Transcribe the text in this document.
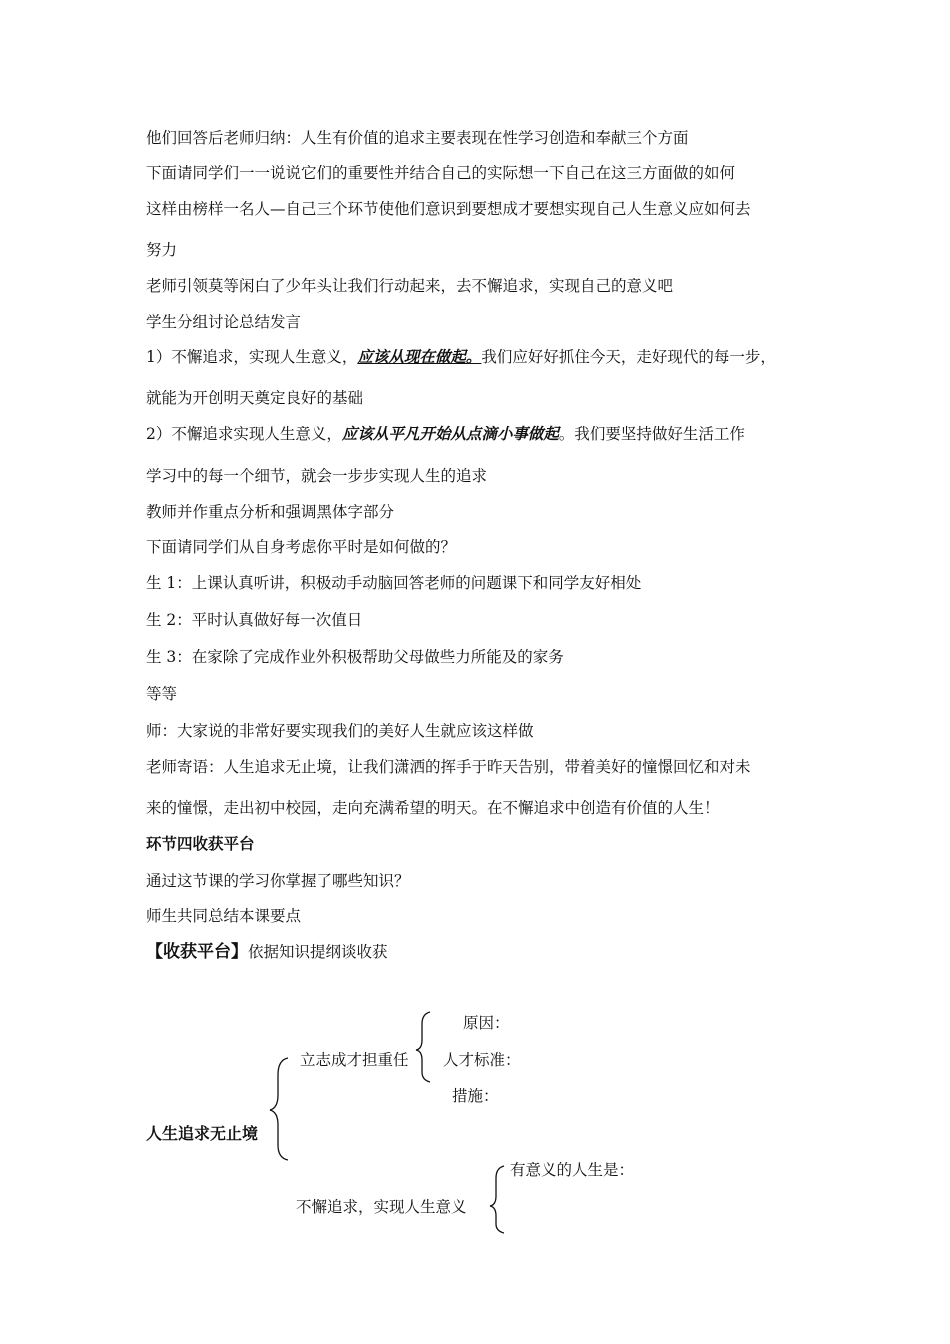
他们回答后老师归纳：人生有价值的追求主要表现在性学习创造和奉献三个方面
下面请同学们一一说说它们的重要性并结合自己的实际想一下自己在这三方面做的如何
这样由榜样一名人—自己三个环节使他们意识到要想成才要想实现自己人生意义应如何去
努力
老师引领莫等闲白了少年头让我们行动起来，去不懈追求，实现自己的意义吧
学生分组讨论总结发言
1）不懈追求，实现人生意义，应该从现在做起。我们应好好抓住今天，走好现代的每一步，
就能为开创明天奠定良好的基础
2）不懈追求实现人生意义，应该从平凡开始从点滴小事做起。我们要坚持做好生活工作
学习中的每一个细节，就会一步步实现人生的追求
教师并作重点分析和强调黑体字部分
下面请同学们从自身考虑你平时是如何做的？
生 1：上课认真听讲，积极动手动脑回答老师的问题课下和同学友好相处
生 2：平时认真做好每一次值日
生 3：在家除了完成作业外积极帮助父母做些力所能及的家务
等等
师：大家说的非常好要实现我们的美好人生就应该这样做
老师寄语：人生追求无止境，让我们潇洒的挥手于昨天告别，带着美好的憧憬回忆和对未
来的憧憬，走出初中校园，走向充满希望的明天。在不懈追求中创造有价值的人生！
环节四收获平台
通过这节课的学习你掌握了哪些知识？
师生共同总结本课要点
【收获平台】依据知识提纲谈收获
人生追求无止境
立志成才担重任
原因：
人才标准：
措施：
不懈追求，实现人生意义
有意义的人生是：
